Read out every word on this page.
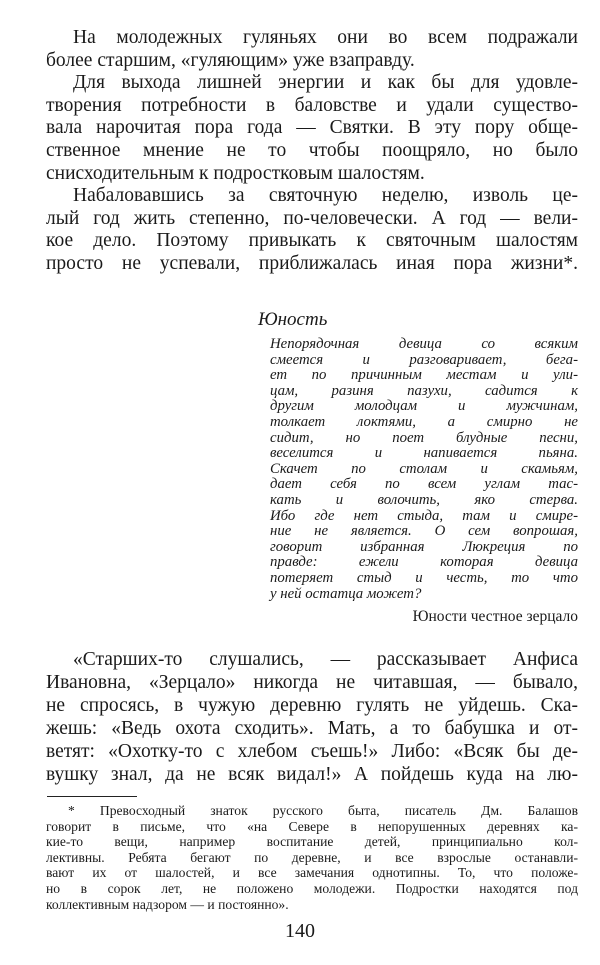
На молодежных гуляньях они во всем подражали
более старшим, «гуляющим» уже взаправду.
Для выхода лишней энергии и как бы для удовле-
творения потребности в баловстве и удали существо-
вала нарочитая пора года — Святки. В эту пору обще-
ственное мнение не то чтобы поощряло, но было
снисходительным к подростковым шалостям.
Набаловавшись за святочную неделю, изволь це-
лый год жить степенно, по-человечески. А год — вели-
кое дело. Поэтому привыкать к святочным шалостям
просто не успевали, приближалась иная пора жизни*.
Юность
Непорядочная девица со всяким
смеется и разговаривает, бега-
ет по причинным местам и ули-
цам, разиня пазухи, садится к
другим молодцам и мужчинам,
толкает локтями, а смирно не
сидит, но поет блудные песни,
веселится и напивается пьяна.
Скачет по столам и скамьям,
дает себя по всем углам тас-
кать и волочить, яко стерва.
Ибо где нет стыда, там и смире-
ние не является. О сем вопрошая,
говорит избранная Люкреция по
правде: ежели которая девица
потеряет стыд и честь, то что
у ней остатца может?
Юности честное зерцало
«Старших-то слушались, — рассказывает Анфиса
Ивановна, «Зерцало» никогда не читавшая, — бывало,
не спросясь, в чужую деревню гулять не уйдешь. Ска-
жешь: «Ведь охота сходить». Мать, а то бабушка и от-
ветят: «Охотку-то с хлебом съешь!» Либо: «Всяк бы де-
вушку знал, да не всяк видал!» А пойдешь куда на лю-
* Превосходный знаток русского быта, писатель Дм. Балашов
говорит в письме, что «на Севере в непорушенных деревнях ка-
кие-то вещи, например воспитание детей, принципиально кол-
лективны. Ребята бегают по деревне, и все взрослые останавли-
вают их от шалостей, и все замечания однотипны. То, что положе-
но в сорок лет, не положено молодежи. Подростки находятся под
коллективным надзором — и постоянно».
140
